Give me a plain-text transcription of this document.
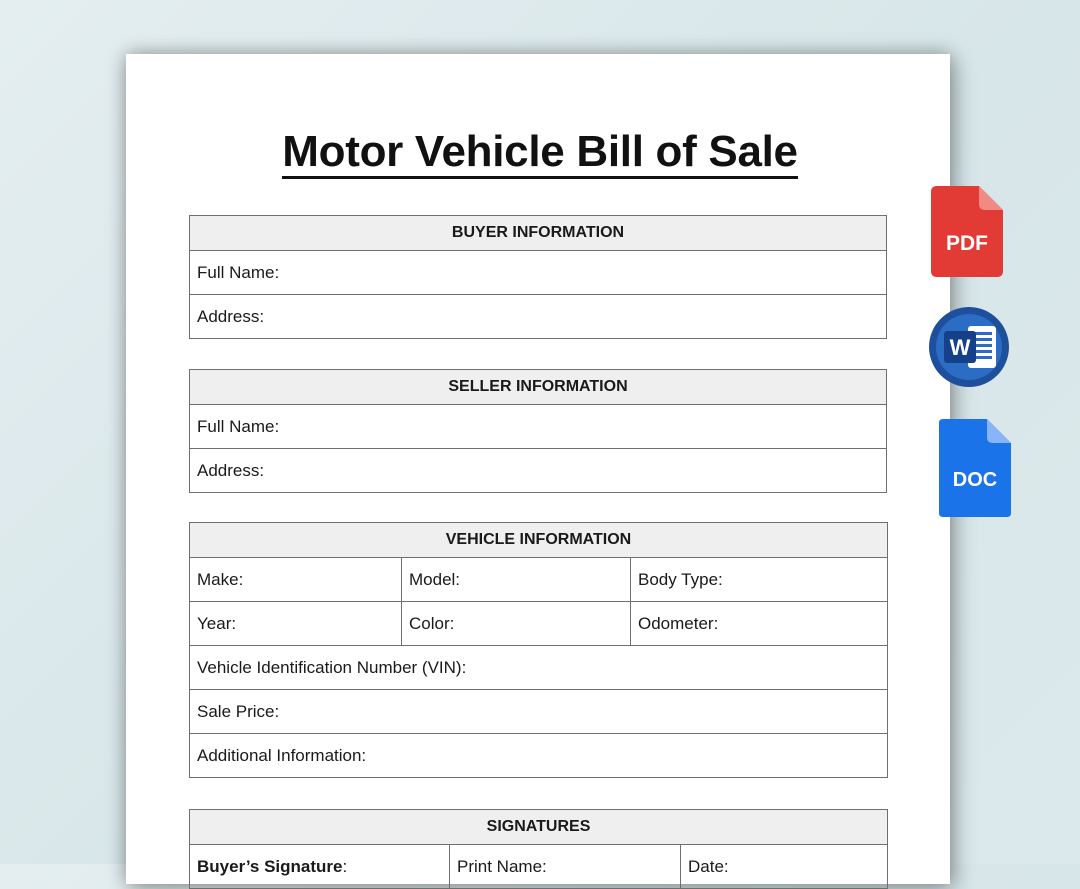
Motor Vehicle Bill of Sale
BUYER INFORMATION
Full Name:
Address:
SELLER INFORMATION
Full Name:
Address:
VEHICLE INFORMATION		
Make:	Model:	Body Type:
Year:	Color:	Odometer:
Vehicle Identification Number (VIN):		
Sale Price:		
Additional Information:		
SIGNATURES
Buyer’s Signature:	Print Name:	Date:
PDF
W
DOC
